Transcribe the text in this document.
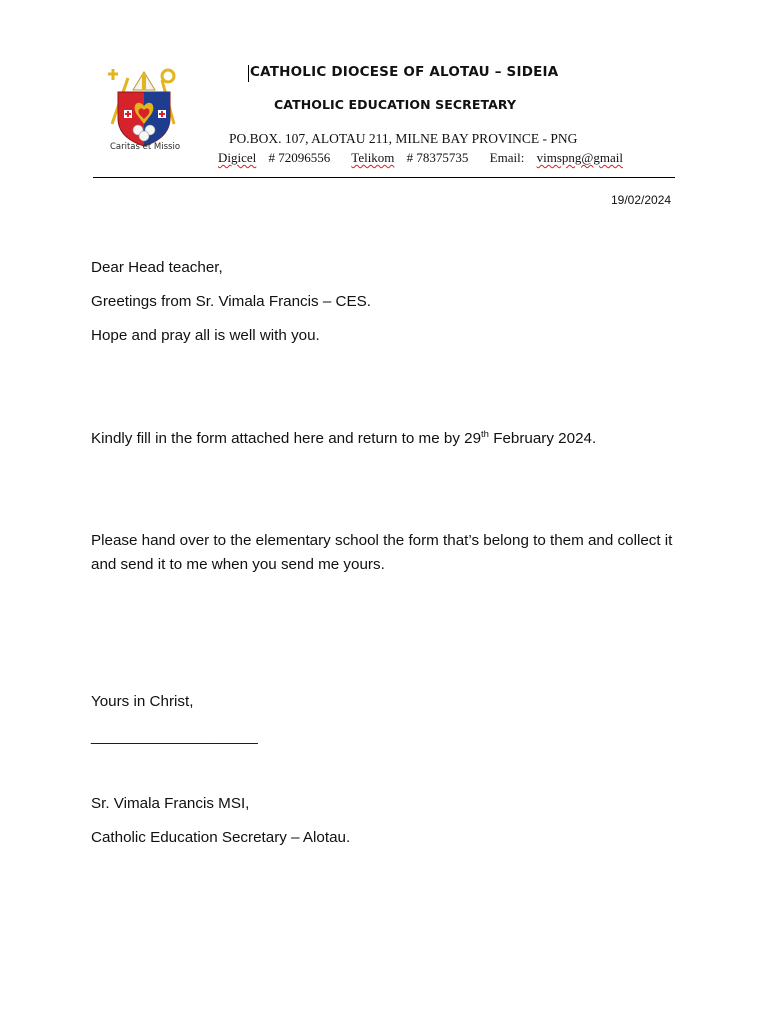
Caritas et Missio
CATHOLIC DIOCESE OF ALOTAU – SIDEIA
CATHOLIC EDUCATION SECRETARY
PO.BOX. 107, ALOTAU 211, MILNE BAY PROVINCE - PNG
Digicel # 72096556 Telikom # 78375735 Email: vimspng@gmail
19/02/2024
Dear Head teacher,
Greetings from Sr. Vimala Francis – CES.
Hope and pray all is well with you.
Kindly fill in the form attached here and return to me by 29th February 2024.
Please hand over to the elementary school the form that’s belong to them and collect it and send it to me when you send me yours.
Yours in Christ,
____________________
Sr. Vimala Francis MSI,
Catholic Education Secretary – Alotau.
